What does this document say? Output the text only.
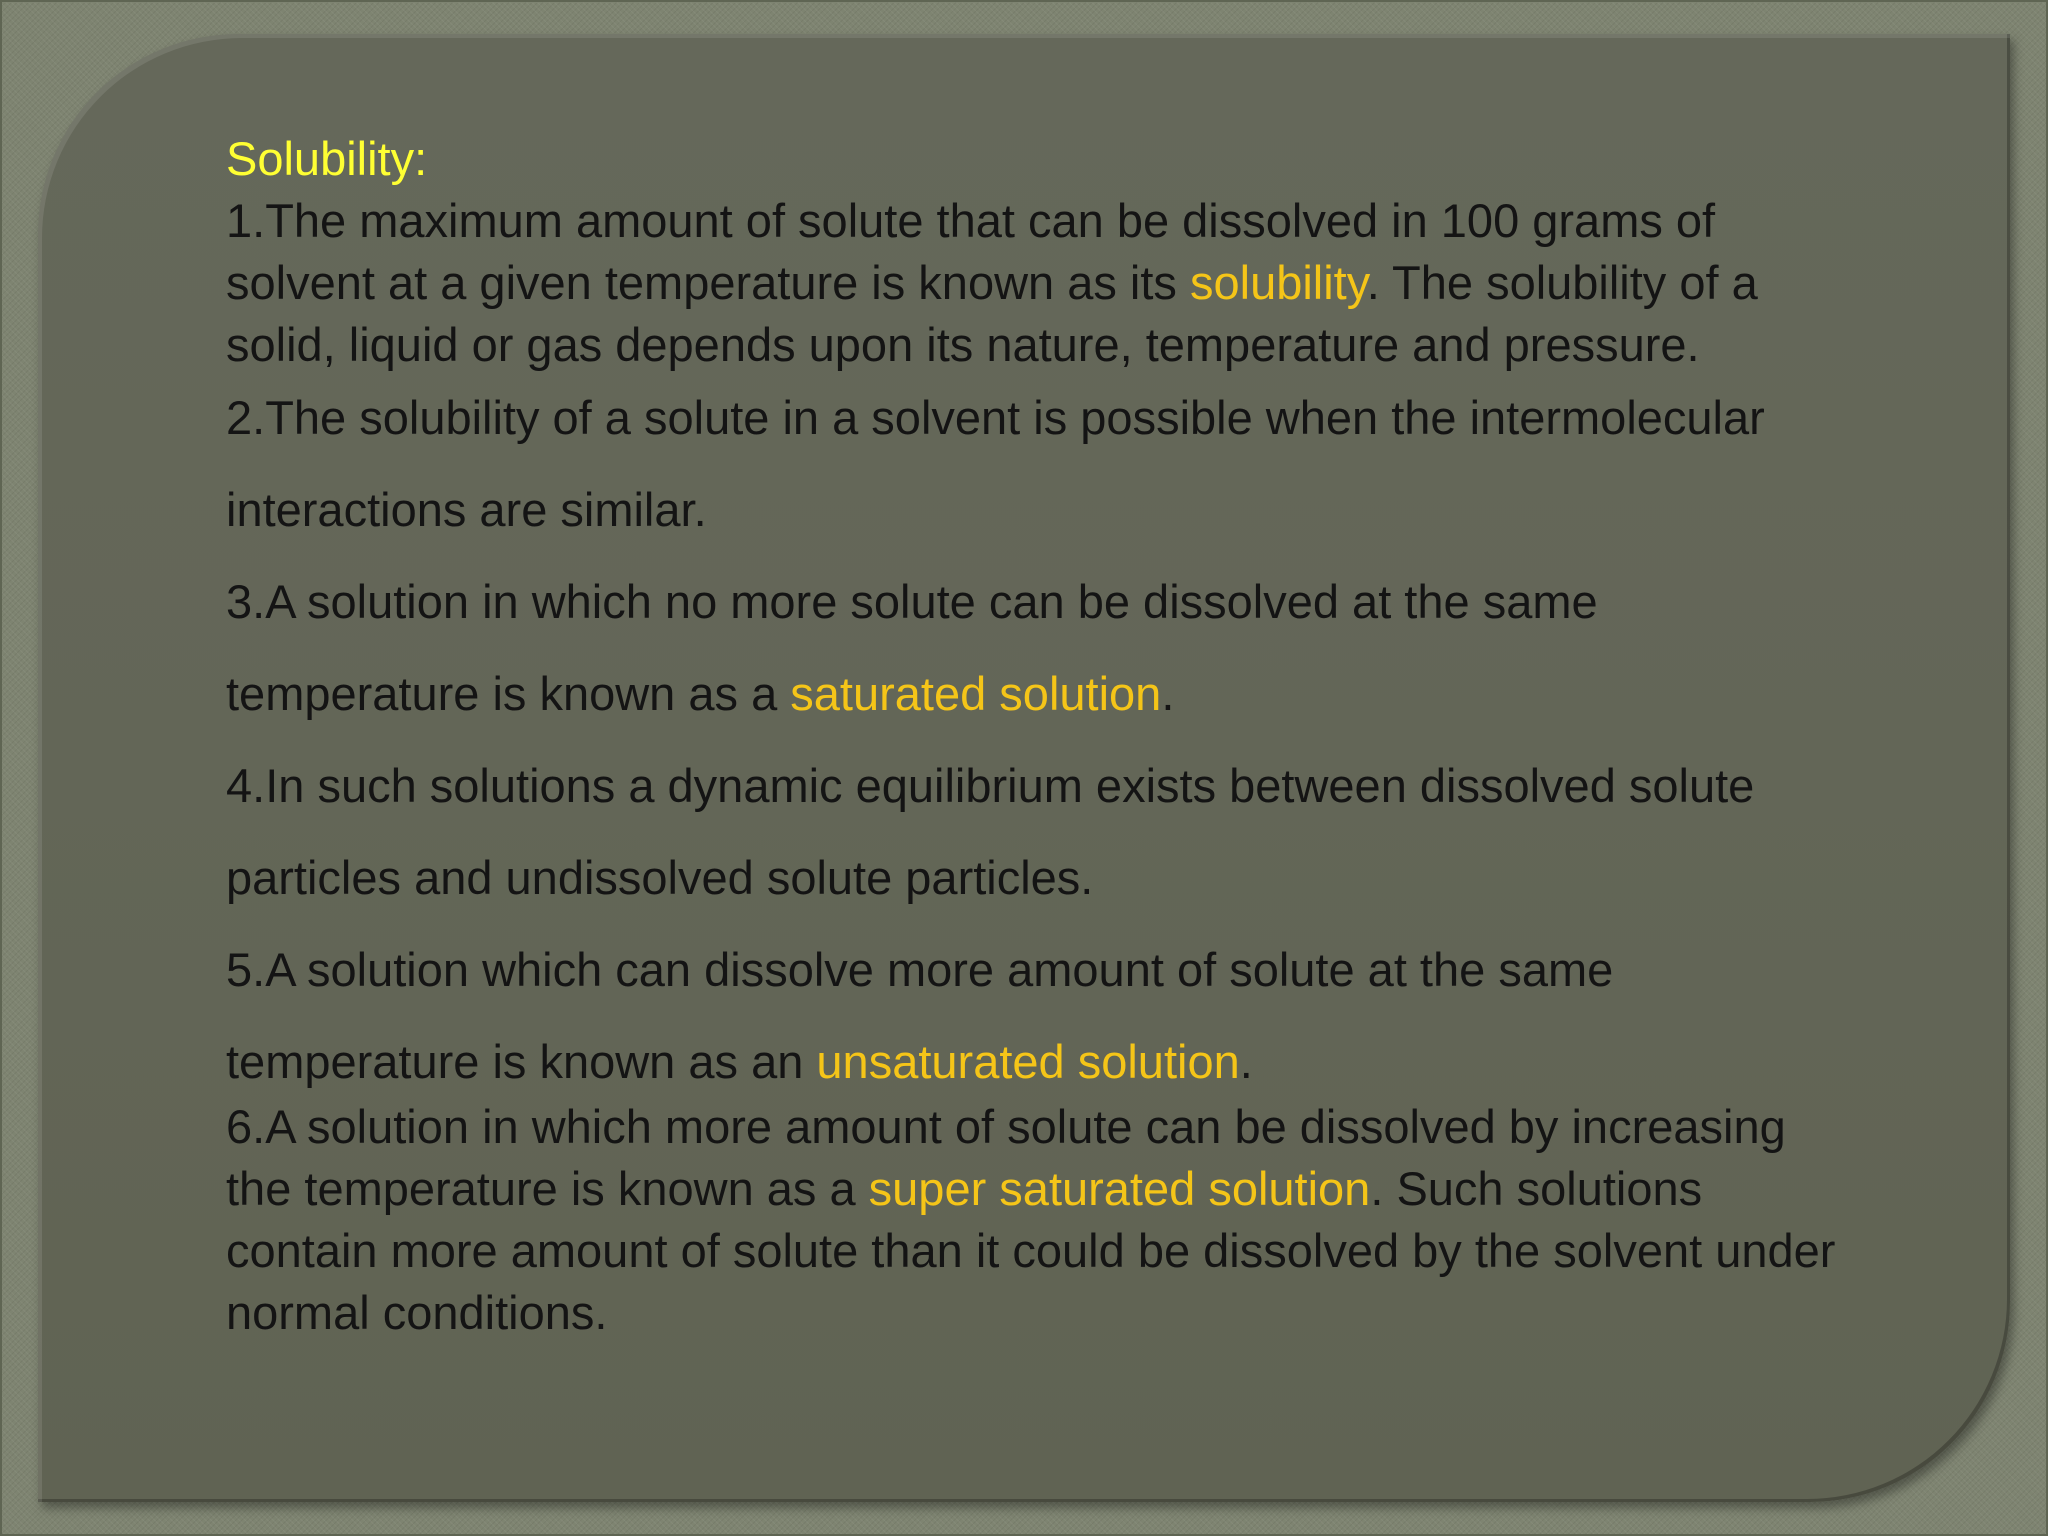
Solubility:

1.The maximum amount of solute that can be dissolved in 100 grams of solvent at a given temperature is known as its solubility. The solubility of a solid, liquid or gas depends upon its nature, temperature and pressure.

2.The solubility of a solute in a solvent is possible when the intermolecular interactions are similar.

3.A solution in which no more solute can be dissolved at the same temperature is known as a saturated solution.

4.In such solutions a dynamic equilibrium exists between dissolved solute particles and undissolved solute particles.

5.A solution which can dissolve more amount of solute at the same temperature is known as an unsaturated solution.

6.A solution in which more amount of solute can be dissolved by increasing the temperature is known as a super saturated solution. Such solutions contain more amount of solute than it could be dissolved by the solvent under normal conditions.
